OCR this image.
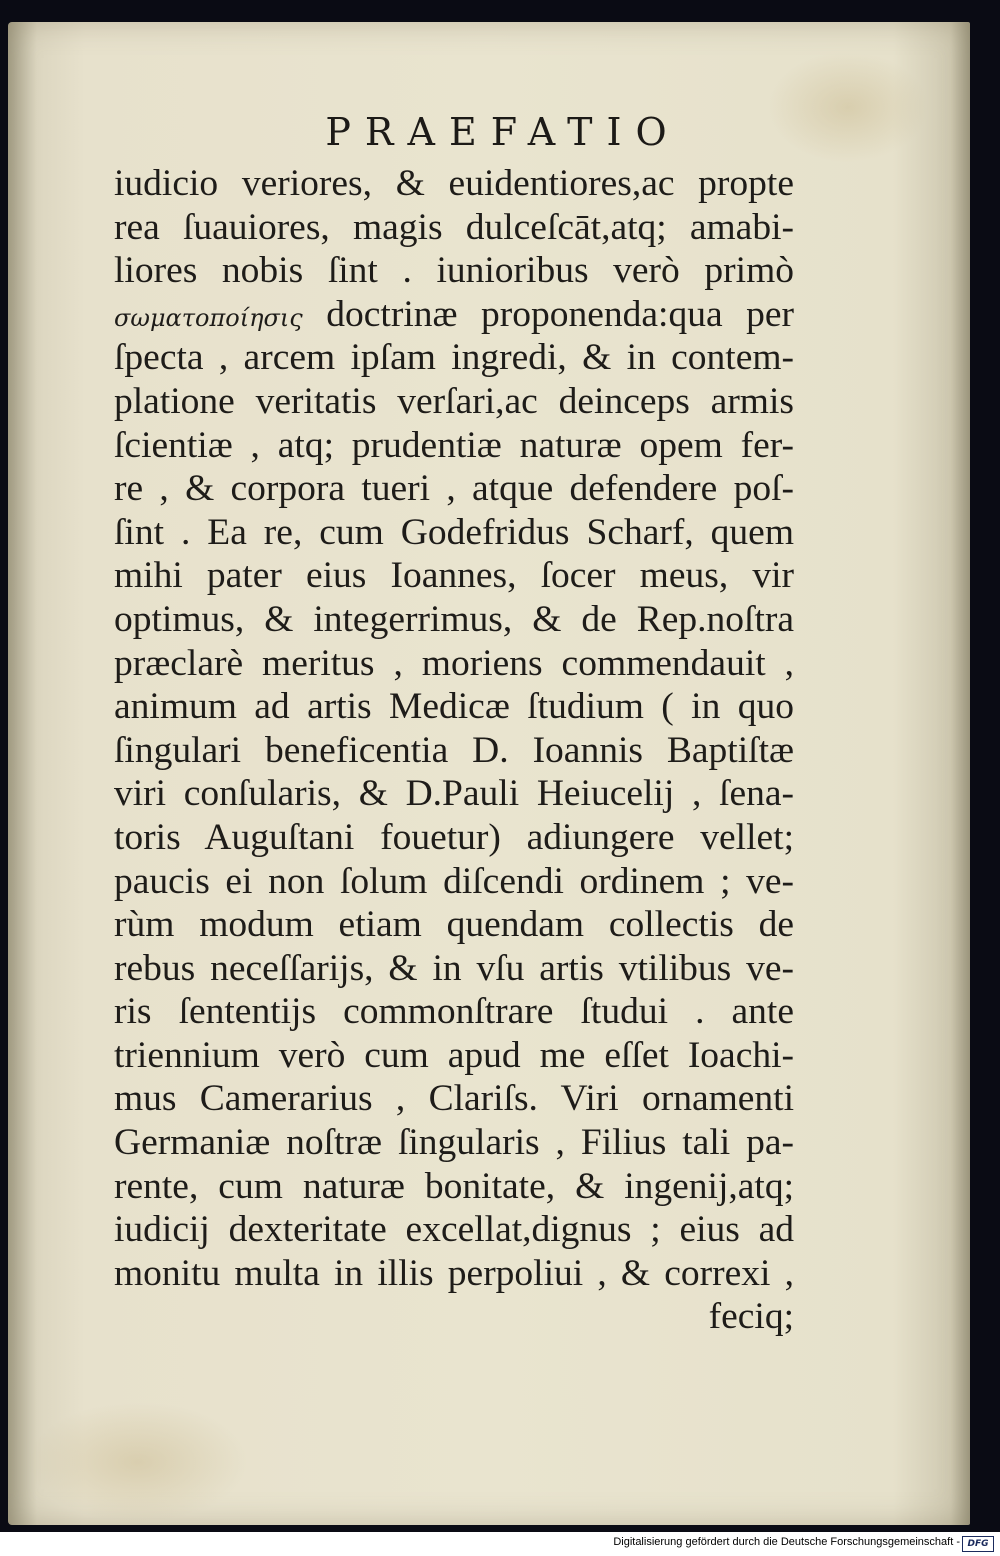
PRAEFATIO
iudicio veriores, & euidentiores,ac propte
rea ſuauiores, magis dulceſcāt,atq; amabi-
liores nobis ſint . iunioribus verò primò
σωματοποίησις doctrinæ proponenda:qua per
ſpecta , arcem ipſam ingredi, & in contem-
platione veritatis verſari,ac deinceps armis
ſcientiæ , atq; prudentiæ naturæ opem fer-
re , & corpora tueri , atque defendere poſ-
ſint . Ea re, cum Godefridus Scharf, quem
mihi pater eius Ioannes, ſocer meus, vir
optimus, & integerrimus, & de Rep.noſtra
præclarè meritus , moriens commendauit ,
animum ad artis Medicæ ſtudium ( in quo
ſingulari beneficentia D. Ioannis Baptiſtæ
viri conſularis, & D.Pauli Heiucelij , ſena-
toris Auguſtani fouetur) adiungere vellet;
paucis ei non ſolum diſcendi ordinem ; ve-
rùm modum etiam quendam collectis de
rebus neceſſarijs, & in vſu artis vtilibus ve-
ris ſententijs commonſtrare ſtudui . ante
triennium verò cum apud me eſſet Ioachi-
mus Camerarius , Clariſs. Viri ornamenti
Germaniæ noſtræ ſingularis , Filius tali pa-
rente, cum naturæ bonitate, & ingenij,atq;
iudicij dexteritate excellat,dignus ; eius ad
monitu multa in illis perpoliui , & correxi ,
feciq;
Digitalisierung gefördert durch die Deutsche Forschungsgemeinschaft - DFG
